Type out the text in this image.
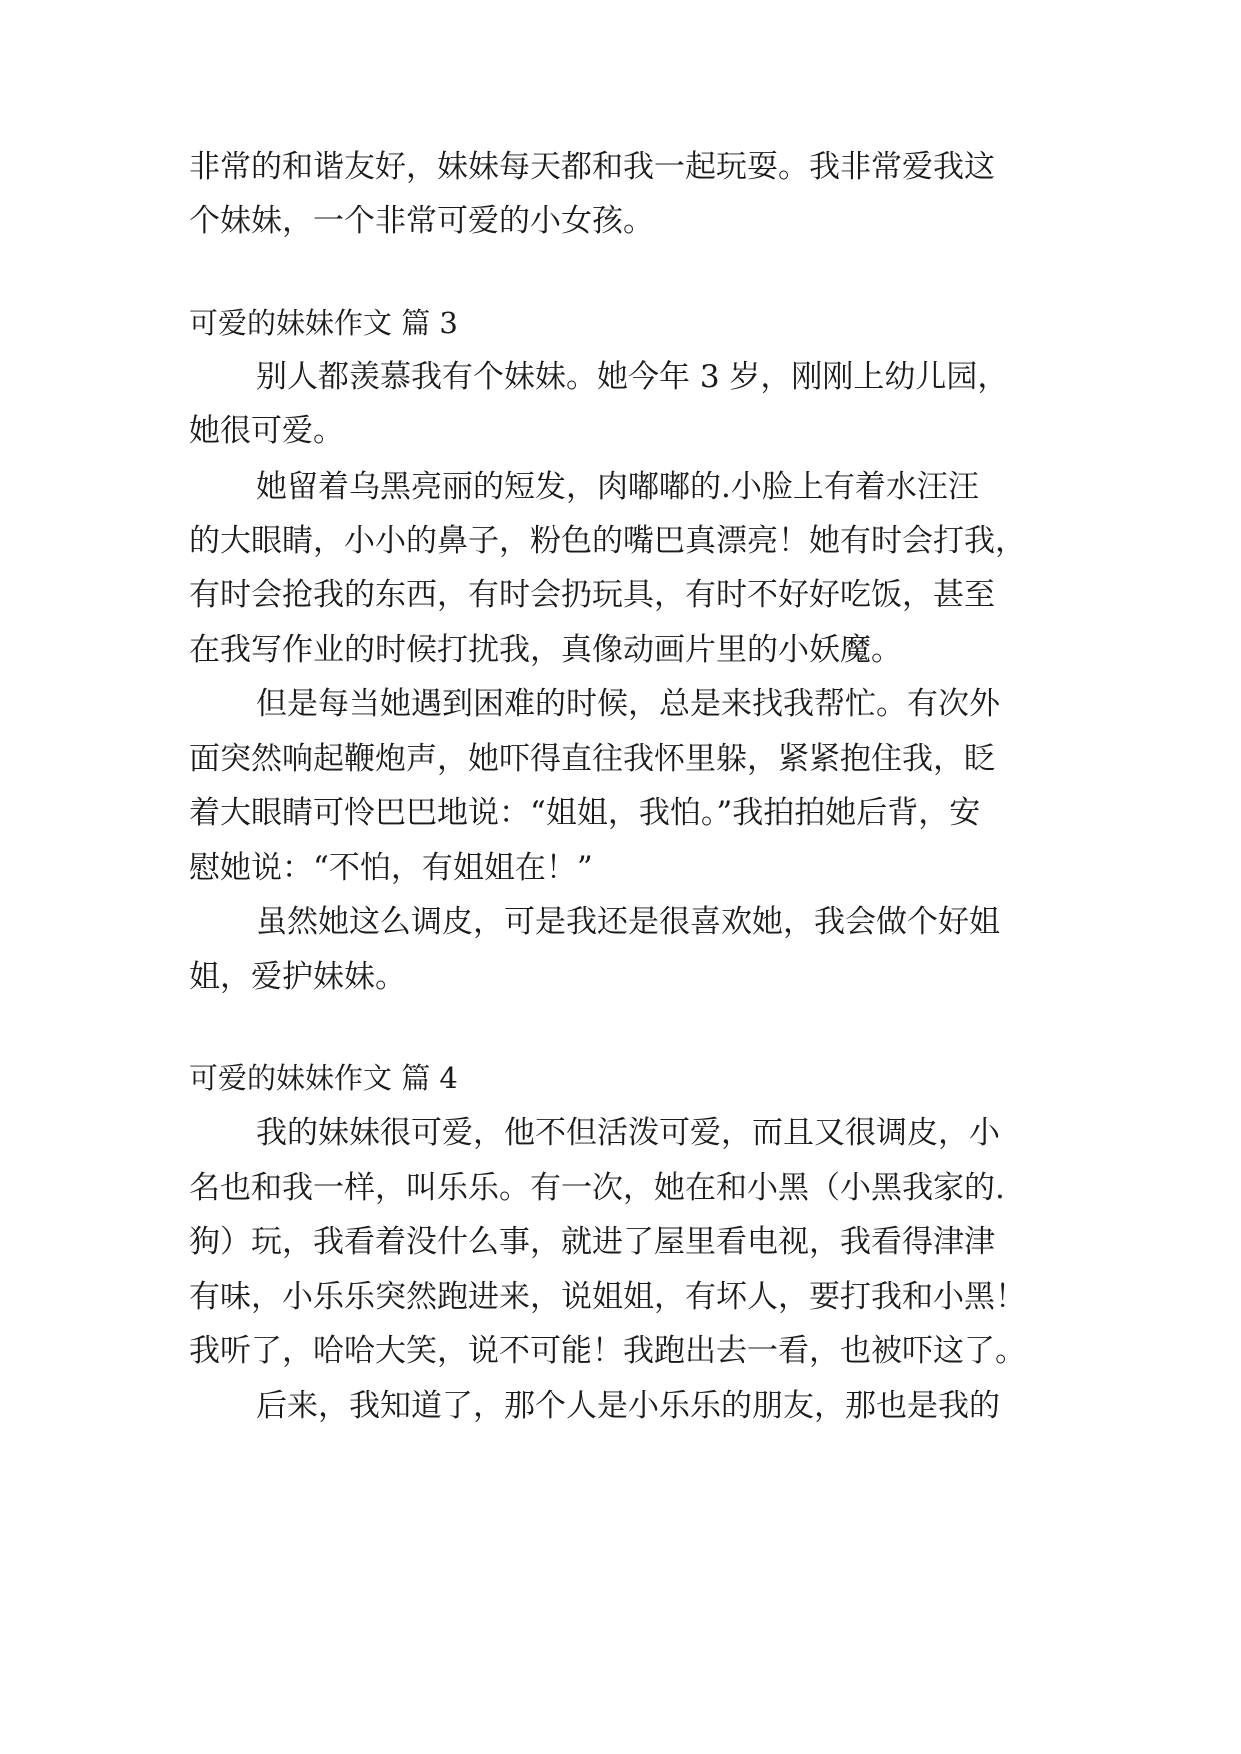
非常的和谐友好，妹妹每天都和我一起玩耍。我非常爱我这
个妹妹，一个非常可爱的小女孩。
可爱的妹妹作文 篇 3
别人都羡慕我有个妹妹。她今年 3 岁，刚刚上幼儿园，
她很可爱。
她留着乌黑亮丽的短发，肉嘟嘟的.小脸上有着水汪汪
的大眼睛，小小的鼻子，粉色的嘴巴真漂亮！她有时会打我，
有时会抢我的东西，有时会扔玩具，有时不好好吃饭，甚至
在我写作业的时候打扰我，真像动画片里的小妖魔。
但是每当她遇到困难的时候，总是来找我帮忙。有次外
面突然响起鞭炮声，她吓得直往我怀里躲，紧紧抱住我，眨
着大眼睛可怜巴巴地说：“姐姐，我怕。”我拍拍她后背，安
慰她说：“不怕，有姐姐在！”
虽然她这么调皮，可是我还是很喜欢她，我会做个好姐
姐，爱护妹妹。
可爱的妹妹作文 篇 4
我的妹妹很可爱，他不但活泼可爱，而且又很调皮，小
名也和我一样，叫乐乐。有一次，她在和小黑（小黑我家的.
狗）玩，我看着没什么事，就进了屋里看电视，我看得津津
有味，小乐乐突然跑进来，说姐姐，有坏人，要打我和小黑！
我听了，哈哈大笑，说不可能！我跑出去一看，也被吓这了。
后来，我知道了，那个人是小乐乐的朋友，那也是我的
